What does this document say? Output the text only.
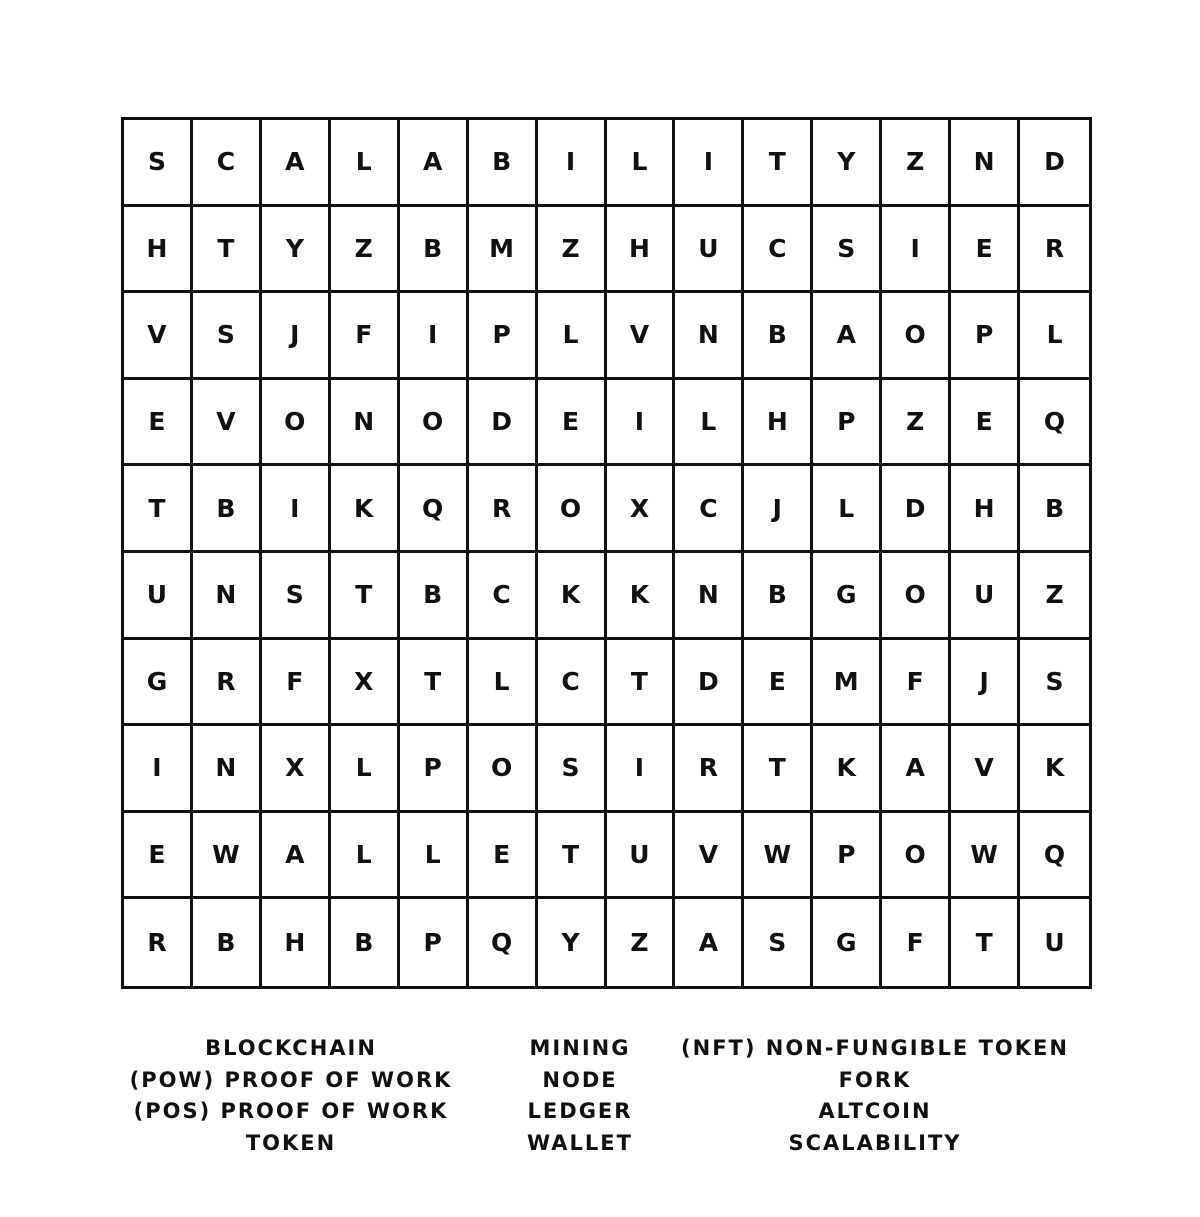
S	C	A	L	A	B	I	L	I	T	Y	Z	N	D
H	T	Y	Z	B	M	Z	H	U	C	S	I	E	R
V	S	J	F	I	P	L	V	N	B	A	O	P	L
E	V	O	N	O	D	E	I	L	H	P	Z	E	Q
T	B	I	K	Q	R	O	X	C	J	L	D	H	B
U	N	S	T	B	C	K	K	N	B	G	O	U	Z
G	R	F	X	T	L	C	T	D	E	M	F	J	S
I	N	X	L	P	O	S	I	R	T	K	A	V	K
E	W	A	L	L	E	T	U	V	W	P	O	W	Q
R	B	H	B	P	Q	Y	Z	A	S	G	F	T	U
BLOCKCHAIN
(POW) PROOF OF WORK
(POS) PROOF OF WORK
TOKEN
MINING
NODE
LEDGER
WALLET
(NFT) NON-FUNGIBLE TOKEN
FORK
ALTCOIN
SCALABILITY
